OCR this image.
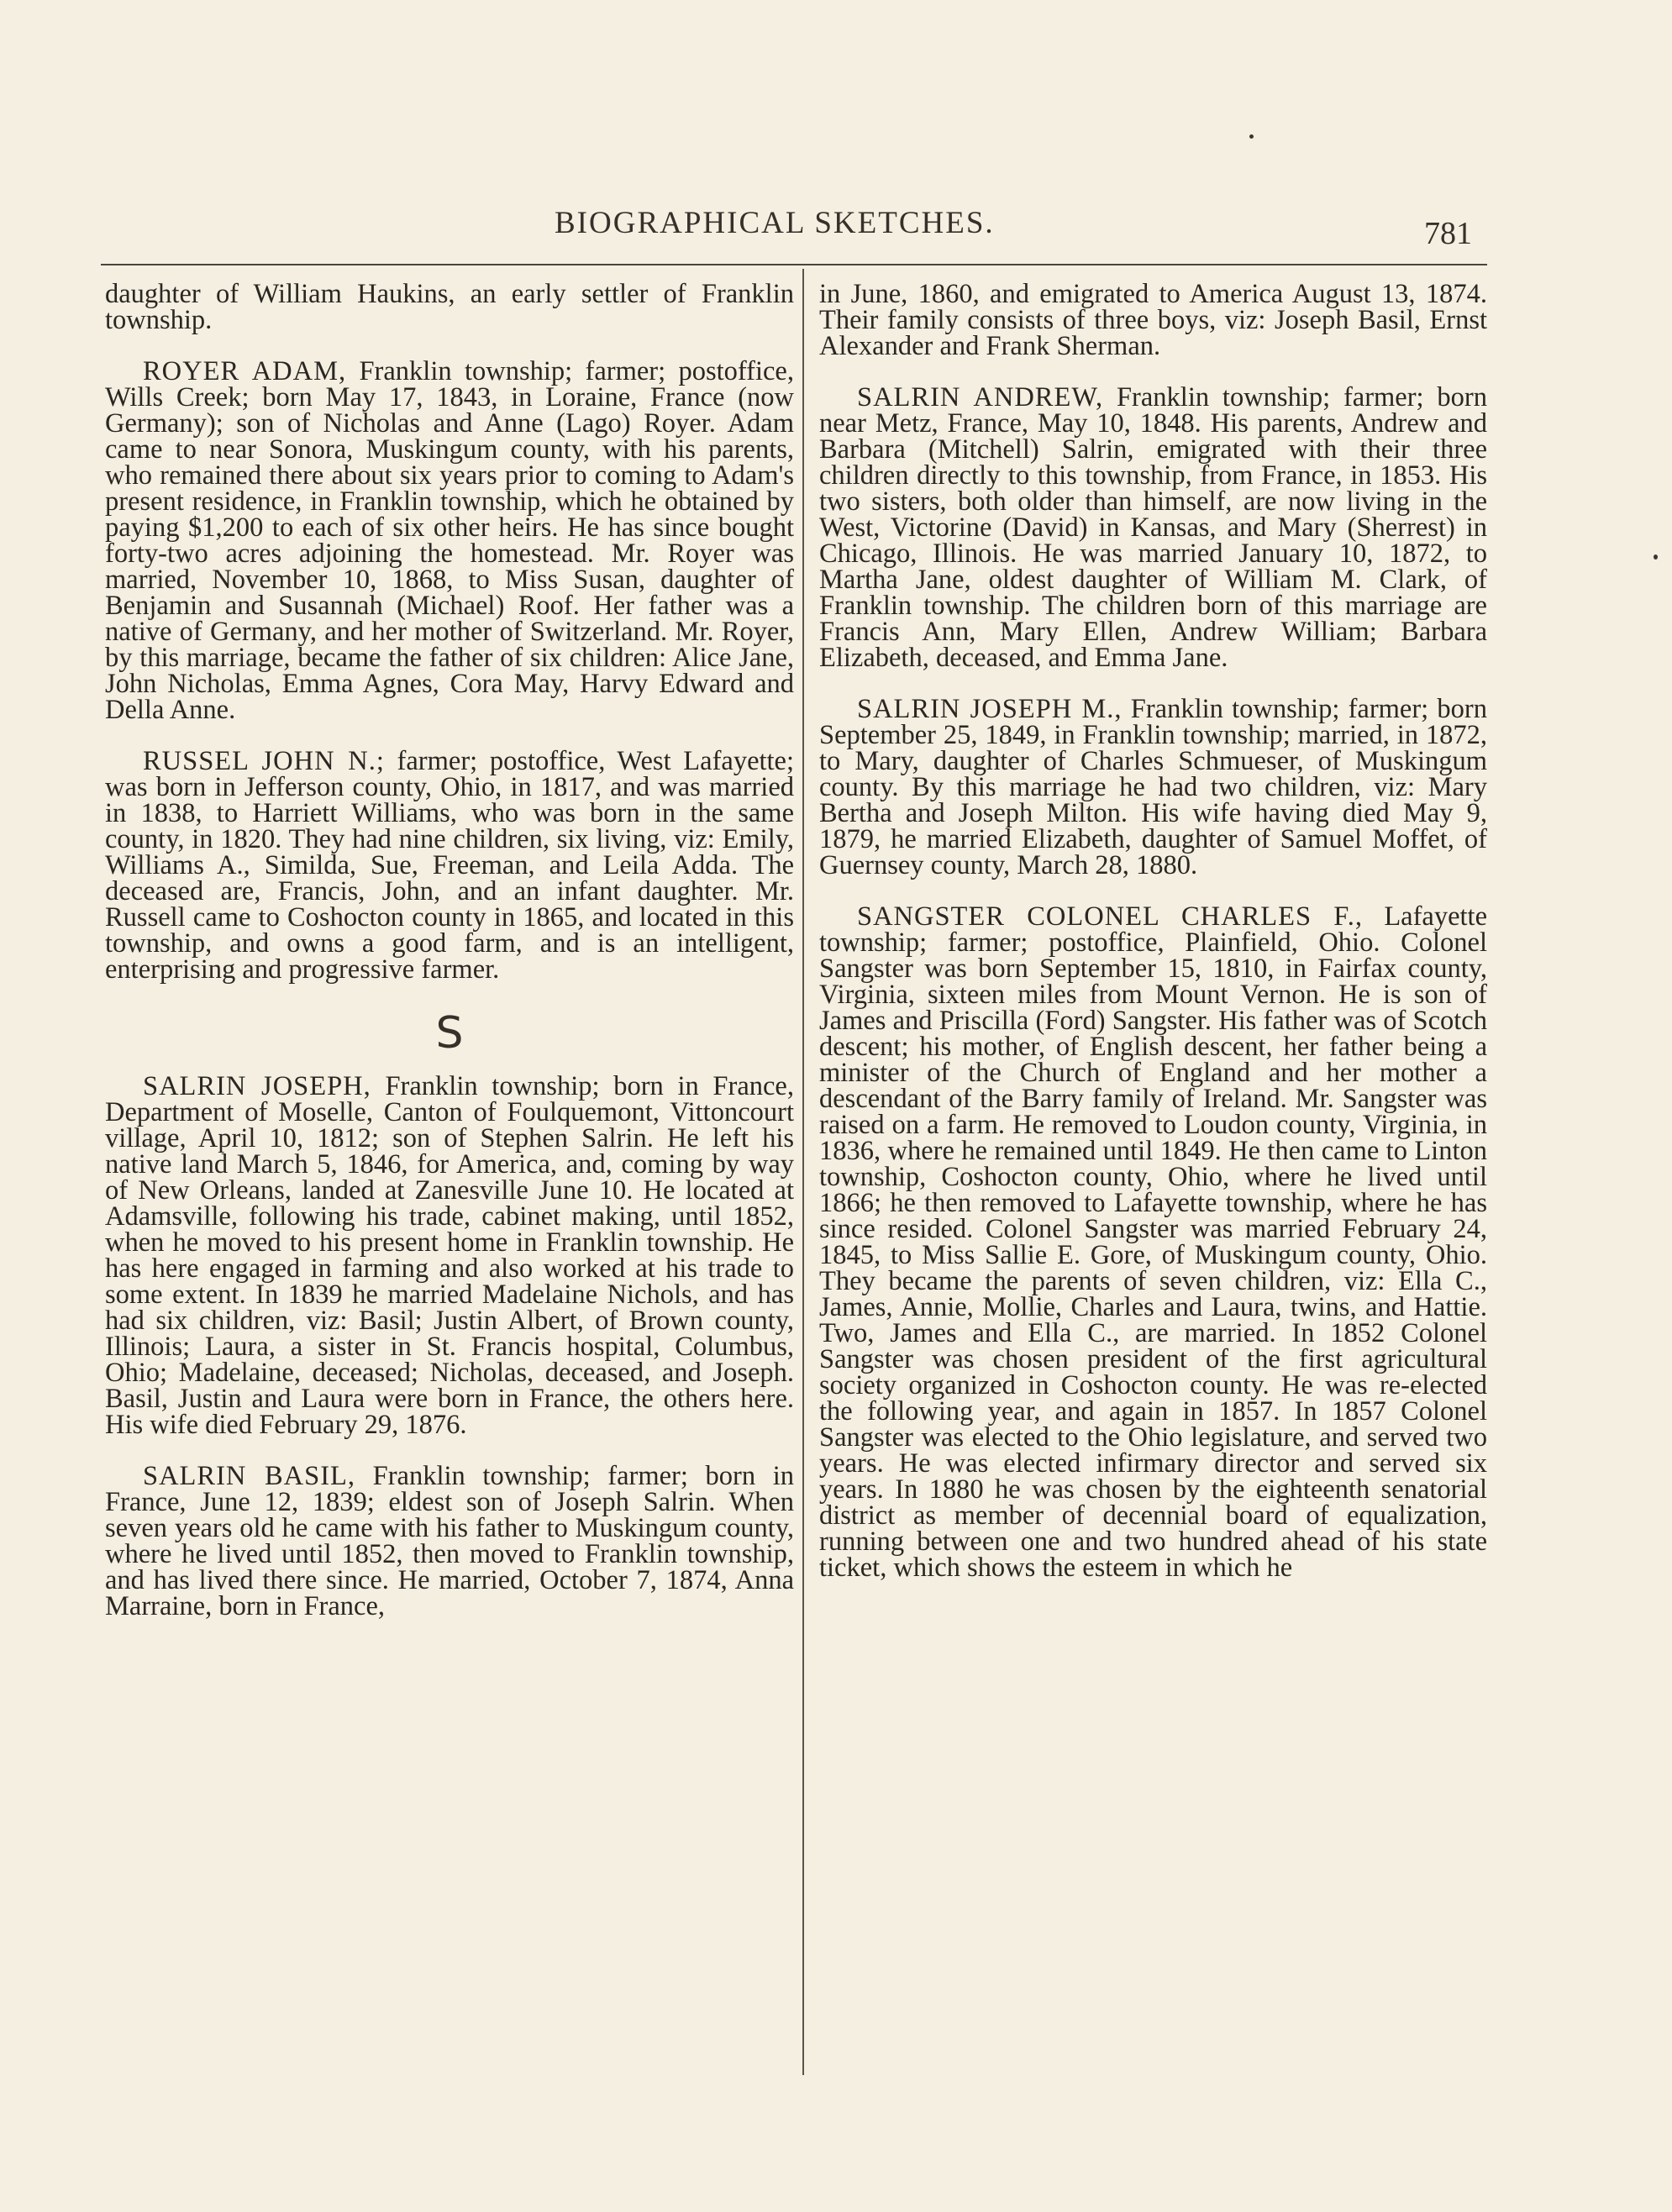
BIOGRAPHICAL SKETCHES.	781

daughter of William Haukins, an early settler of Franklin township.

ROYER ADAM, Franklin township; farmer; postoffice, Wills Creek; born May 17, 1843, in Loraine, France (now Germany); son of Nicholas and Anne (Lago) Royer. Adam came to near Sonora, Muskingum county, with his parents, who remained there about six years prior to coming to Adam's present residence, in Franklin township, which he obtained by paying $1,200 to each of six other heirs. He has since bought forty-two acres adjoining the homestead. Mr. Royer was married, November 10, 1868, to Miss Susan, daughter of Benjamin and Susannah (Michael) Roof. Her father was a native of Germany, and her mother of Switzerland. Mr. Royer, by this marriage, became the father of six children: Alice Jane, John Nicholas, Emma Agnes, Cora May, Harvy Edward and Della Anne.

RUSSEL JOHN N.; farmer; postoffice, West Lafayette; was born in Jefferson county, Ohio, in 1817, and was married in 1838, to Harriett Williams, who was born in the same county, in 1820. They had nine children, six living, viz: Emily, Williams A., Similda, Sue, Freeman, and Leila Adda. The deceased are, Francis, John, and an infant daughter. Mr. Russell came to Coshocton county in 1865, and located in this township, and owns a good farm, and is an intelligent, enterprising and progressive farmer.

S

SALRIN JOSEPH, Franklin township; born in France, Department of Moselle, Canton of Foulquemont, Vittoncourt village, April 10, 1812; son of Stephen Salrin. He left his native land March 5, 1846, for America, and, coming by way of New Orleans, landed at Zanesville June 10. He located at Adamsville, following his trade, cabinet making, until 1852, when he moved to his present home in Franklin township. He has here engaged in farming and also worked at his trade to some extent. In 1839 he married Madelaine Nichols, and has had six children, viz: Basil; Justin Albert, of Brown county, Illinois; Laura, a sister in St. Francis hospital, Columbus, Ohio; Madelaine, deceased; Nicholas, deceased, and Joseph. Basil, Justin and Laura were born in France, the others here. His wife died February 29, 1876.

SALRIN BASIL, Franklin township; farmer; born in France, June 12, 1839; eldest son of Joseph Salrin. When seven years old he came with his father to Muskingum county, where he lived until 1852, then moved to Franklin township, and has lived there since. He married, October 7, 1874, Anna Marraine, born in France,

in June, 1860, and emigrated to America August 13, 1874. Their family consists of three boys, viz: Joseph Basil, Ernst Alexander and Frank Sherman.

SALRIN ANDREW, Franklin township; farmer; born near Metz, France, May 10, 1848. His parents, Andrew and Barbara (Mitchell) Salrin, emigrated with their three children directly to this township, from France, in 1853. His two sisters, both older than himself, are now living in the West, Victorine (David) in Kansas, and Mary (Sherrest) in Chicago, Illinois. He was married January 10, 1872, to Martha Jane, oldest daughter of William M. Clark, of Franklin township. The children born of this marriage are Francis Ann, Mary Ellen, Andrew William; Barbara Elizabeth, deceased, and Emma Jane.

SALRIN JOSEPH M., Franklin township; farmer; born September 25, 1849, in Franklin township; married, in 1872, to Mary, daughter of Charles Schmueser, of Muskingum county. By this marriage he had two children, viz: Mary Bertha and Joseph Milton. His wife having died May 9, 1879, he married Elizabeth, daughter of Samuel Moffet, of Guernsey county, March 28, 1880.

SANGSTER COLONEL CHARLES F., Lafayette township; farmer; postoffice, Plainfield, Ohio. Colonel Sangster was born September 15, 1810, in Fairfax county, Virginia, sixteen miles from Mount Vernon. He is son of James and Priscilla (Ford) Sangster. His father was of Scotch descent; his mother, of English descent, her father being a minister of the Church of England and her mother a descendant of the Barry family of Ireland. Mr. Sangster was raised on a farm. He removed to Loudon county, Virginia, in 1836, where he remained until 1849. He then came to Linton township, Coshocton county, Ohio, where he lived until 1866; he then removed to Lafayette township, where he has since resided. Colonel Sangster was married February 24, 1845, to Miss Sallie E. Gore, of Muskingum county, Ohio. They became the parents of seven children, viz: Ella C., James, Annie, Mollie, Charles and Laura, twins, and Hattie. Two, James and Ella C., are married. In 1852 Colonel Sangster was chosen president of the first agricultural society organized in Coshocton county. He was re-elected the following year, and again in 1857. In 1857 Colonel Sangster was elected to the Ohio legislature, and served two years. He was elected infirmary director and served six years. In 1880 he was chosen by the eighteenth senatorial district as member of decennial board of equalization, running between one and two hundred ahead of his state ticket, which shows the esteem in which he
